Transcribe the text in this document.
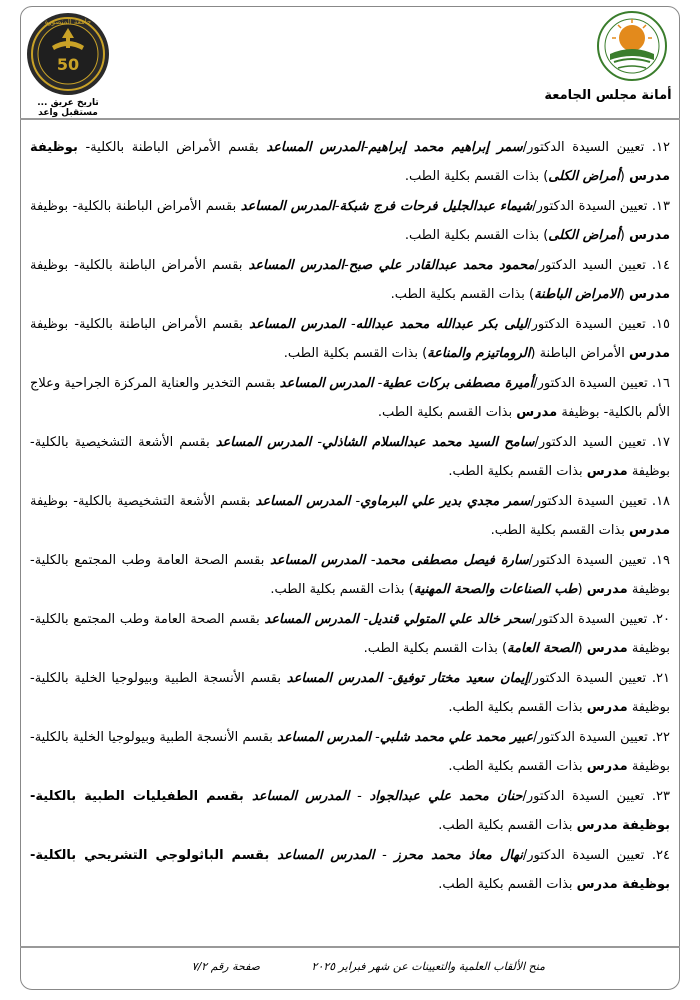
أمانة مجلس الجامعة
50
جامعة المنصورة
تاريخ عريق ... مستقبل واعد

١٢. تعيين السيدة الدكتور/سمر إبراهيم محمد إبراهيم-المدرس المساعد بقسم الأمراض الباطنة بالكلية- بوظيفة مدرس (أمراض الكلى) بذات القسم بكلية الطب.

١٣. تعيين السيدة الدكتور/شيماء عبدالجليل فرحات فرج شبكة-المدرس المساعد بقسم الأمراض الباطنة بالكلية- بوظيفة مدرس (أمراض الكلى) بذات القسم بكلية الطب.

١٤. تعيين السيد الدكتور/محمود محمد عبدالقادر علي صبح-المدرس المساعد بقسم الأمراض الباطنة بالكلية- بوظيفة مدرس (الامراض الباطنة) بذات القسم بكلية الطب.

١٥. تعيين السيدة الدكتور/ليلى بكر عبدالله محمد عبدالله- المدرس المساعد بقسم الأمراض الباطنة بالكلية- بوظيفة مدرس الأمراض الباطنة (الروماتيزم والمناعة) بذات القسم بكلية الطب.

١٦. تعيين السيدة الدكتور/أميرة مصطفى بركات عطية- المدرس المساعد بقسم التخدير والعناية المركزة الجراحية وعلاج الألم بالكلية- بوظيفة مدرس بذات القسم بكلية الطب.

١٧. تعيين السيد الدكتور/سامح السيد محمد عبدالسلام الشاذلي- المدرس المساعد بقسم الأشعة التشخيصية بالكلية- بوظيفة مدرس بذات القسم بكلية الطب.

١٨. تعيين السيدة الدكتور/سمر مجدي بدير علي البرماوي- المدرس المساعد بقسم الأشعة التشخيصية بالكلية- بوظيفة مدرس بذات القسم بكلية الطب.

١٩. تعيين السيدة الدكتور/سارة فيصل مصطفى محمد- المدرس المساعد بقسم الصحة العامة وطب المجتمع بالكلية- بوظيفة مدرس (طب الصناعات والصحة المهنية) بذات القسم بكلية الطب.

٢٠. تعيين السيدة الدكتور/سحر خالد علي المتولي قنديل- المدرس المساعد بقسم الصحة العامة وطب المجتمع بالكلية- بوظيفة مدرس (الصحة العامة) بذات القسم بكلية الطب.

٢١. تعيين السيدة الدكتور/إيمان سعيد مختار توفيق- المدرس المساعد بقسم الأنسجة الطبية وبيولوجيا الخلية بالكلية- بوظيفة مدرس بذات القسم بكلية الطب.

٢٢. تعيين السيدة الدكتور/عبير محمد علي محمد شلبي- المدرس المساعد بقسم الأنسجة الطبية وبيولوجيا الخلية بالكلية- بوظيفة مدرس بذات القسم بكلية الطب.

٢٣. تعيين السيدة الدكتور/حنان محمد علي عبدالجواد - المدرس المساعد بقسم الطفيليات الطبية بالكلية- بوظيفة مدرس بذات القسم بكلية الطب.

٢٤. تعيين السيدة الدكتور/نهال معاذ محمد محرز - المدرس المساعد بقسم الباثولوجي التشريحي بالكلية- بوظيفة مدرس بذات القسم بكلية الطب.

منح الألقاب العلمية والتعيينات عن شهر فبراير ٢٠٢٥
صفحة رقم ٧/٢
